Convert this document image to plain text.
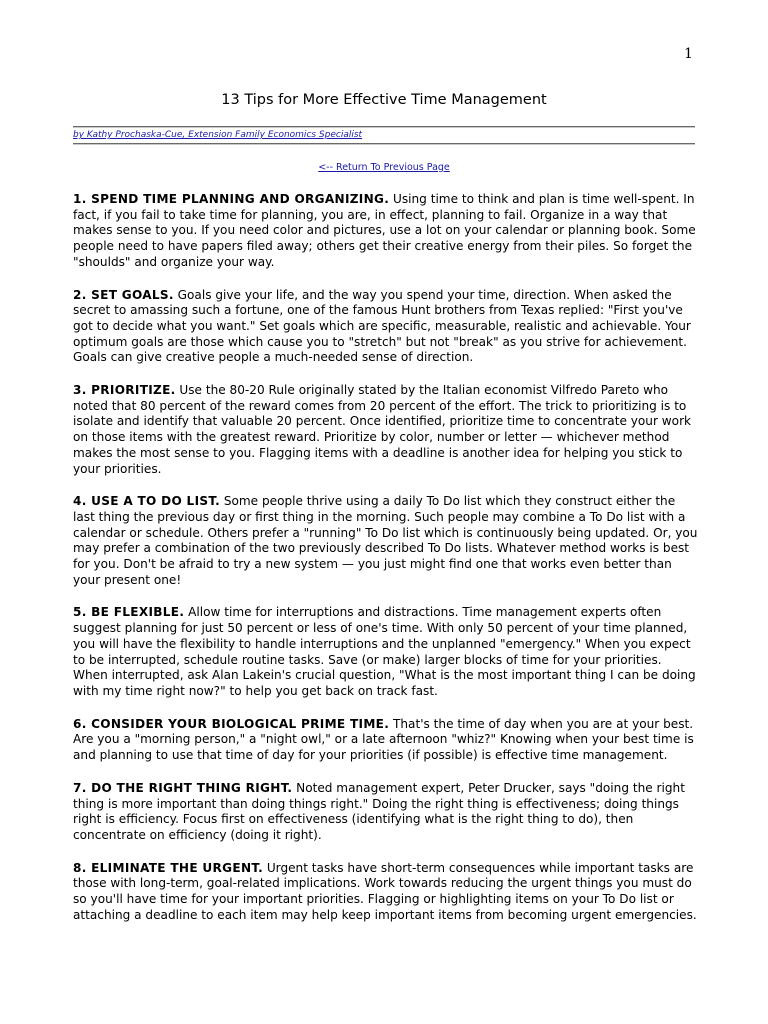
1
13 Tips for More Effective Time Management
by Kathy Prochaska-Cue, Extension Family Economics Specialist
<-- Return To Previous Page

1. SPEND TIME PLANNING AND ORGANIZING. Using time to think and plan is time well-spent. In fact, if you fail to take time for planning, you are, in effect, planning to fail. Organize in a way that makes sense to you. If you need color and pictures, use a lot on your calendar or planning book. Some people need to have papers filed away; others get their creative energy from their piles. So forget the "shoulds" and organize your way.

2. SET GOALS. Goals give your life, and the way you spend your time, direction. When asked the secret to amassing such a fortune, one of the famous Hunt brothers from Texas replied: "First you've got to decide what you want." Set goals which are specific, measurable, realistic and achievable. Your optimum goals are those which cause you to "stretch" but not "break" as you strive for achievement. Goals can give creative people a much-needed sense of direction.

3. PRIORITIZE. Use the 80-20 Rule originally stated by the Italian economist Vilfredo Pareto who noted that 80 percent of the reward comes from 20 percent of the effort. The trick to prioritizing is to isolate and identify that valuable 20 percent. Once identified, prioritize time to concentrate your work on those items with the greatest reward. Prioritize by color, number or letter — whichever method makes the most sense to you. Flagging items with a deadline is another idea for helping you stick to your priorities.

4. USE A TO DO LIST. Some people thrive using a daily To Do list which they construct either the last thing the previous day or first thing in the morning. Such people may combine a To Do list with a calendar or schedule. Others prefer a "running" To Do list which is continuously being updated. Or, you may prefer a combination of the two previously described To Do lists. Whatever method works is best for you. Don't be afraid to try a new system — you just might find one that works even better than your present one!

5. BE FLEXIBLE. Allow time for interruptions and distractions. Time management experts often suggest planning for just 50 percent or less of one's time. With only 50 percent of your time planned, you will have the flexibility to handle interruptions and the unplanned "emergency." When you expect to be interrupted, schedule routine tasks. Save (or make) larger blocks of time for your priorities. When interrupted, ask Alan Lakein's crucial question, "What is the most important thing I can be doing with my time right now?" to help you get back on track fast.

6. CONSIDER YOUR BIOLOGICAL PRIME TIME. That's the time of day when you are at your best. Are you a "morning person," a "night owl," or a late afternoon "whiz?" Knowing when your best time is and planning to use that time of day for your priorities (if possible) is effective time management.

7. DO THE RIGHT THING RIGHT. Noted management expert, Peter Drucker, says "doing the right thing is more important than doing things right." Doing the right thing is effectiveness; doing things right is efficiency. Focus first on effectiveness (identifying what is the right thing to do), then concentrate on efficiency (doing it right).

8. ELIMINATE THE URGENT. Urgent tasks have short-term consequences while important tasks are those with long-term, goal-related implications. Work towards reducing the urgent things you must do so you'll have time for your important priorities. Flagging or highlighting items on your To Do list or attaching a deadline to each item may help keep important items from becoming urgent emergencies.
